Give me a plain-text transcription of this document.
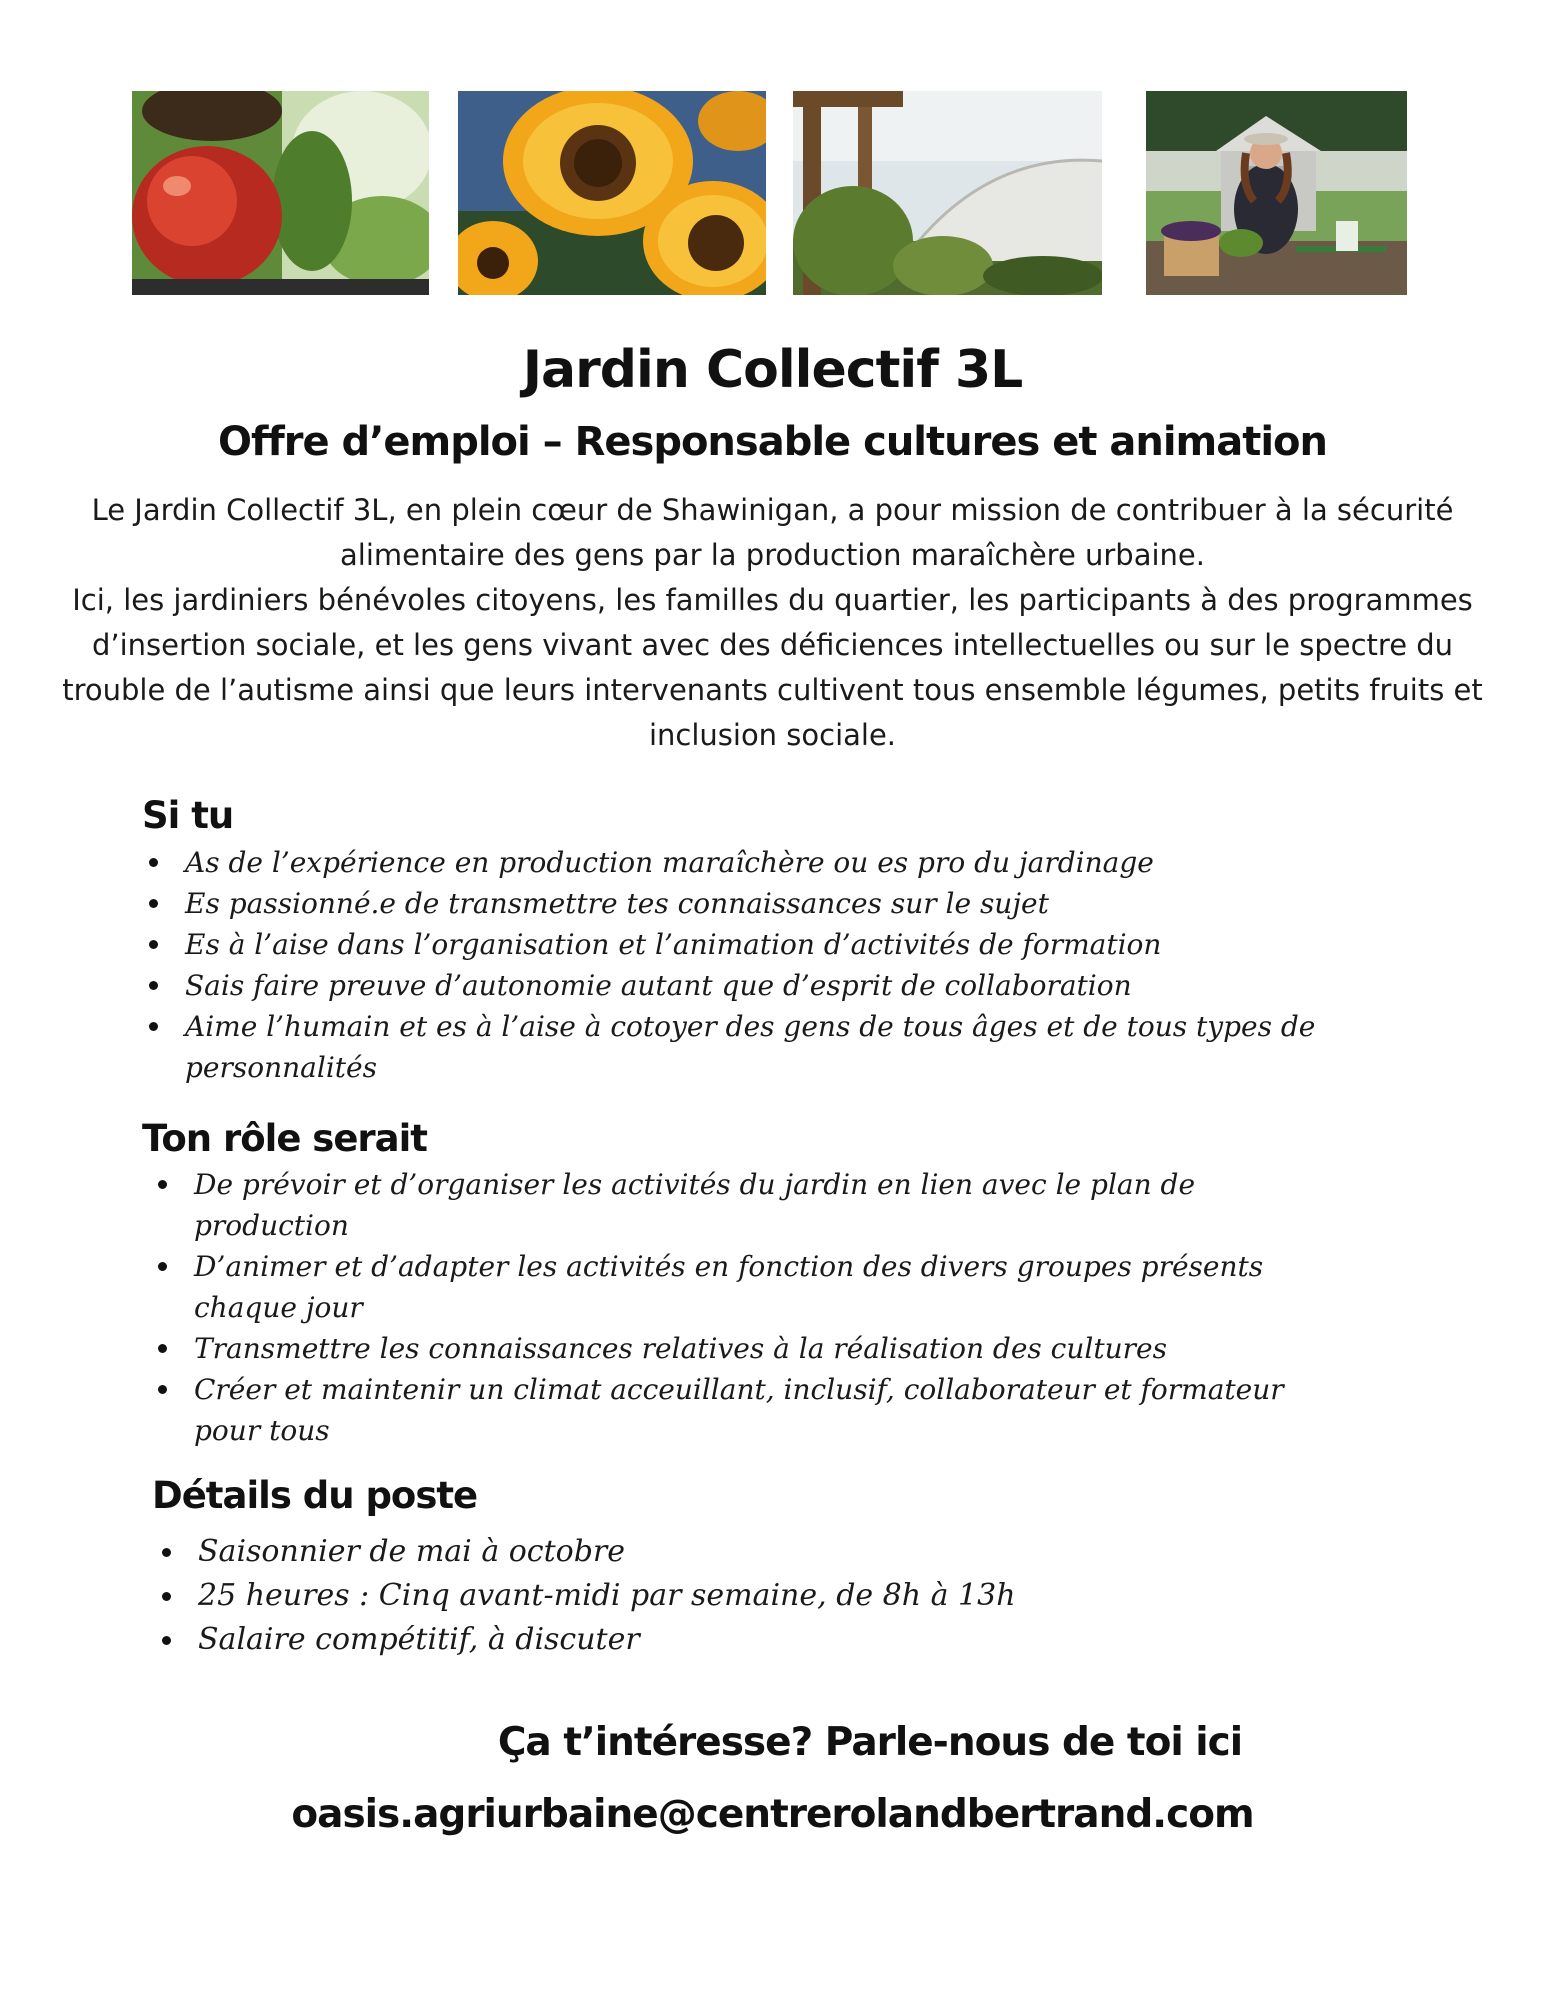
Jardin Collectif 3L
Offre d’emploi – Responsable cultures et animation

Le Jardin Collectif 3L, en plein cœur de Shawinigan, a pour mission de contribuer à la sécurité alimentaire des gens par la production maraîchère urbaine.

Ici, les jardiniers bénévoles citoyens, les familles du quartier, les participants à des programmes d’insertion sociale, et les gens vivant avec des déficiences intellectuelles ou sur le spectre du trouble de l’autisme ainsi que leurs intervenants cultivent tous ensemble légumes, petits fruits et inclusion sociale.

Si tu
As de l’expérience en production maraîchère ou es pro du jardinage
Es passionné.e de transmettre tes connaissances sur le sujet
Es à l’aise dans l’organisation et l’animation d’activités de formation
Sais faire preuve d’autonomie autant que d’esprit de collaboration
Aime l’humain et es à l’aise à cotoyer des gens de tous âges et de tous types de personnalités
Ton rôle serait
De prévoir et d’organiser les activités du jardin en lien avec le plan de production
D’animer et d’adapter les activités en fonction des divers groupes présents chaque jour
Transmettre les connaissances relatives à la réalisation des cultures
Créer et maintenir un climat acceuillant, inclusif, collaborateur et formateur pour tous
Détails du poste
Saisonnier de mai à octobre
25 heures : Cinq avant-midi par semaine, de 8h à 13h
Salaire compétitif, à discuter
Ça t’intéresse? Parle-nous de toi ici
oasis.agriurbaine@centrerolandbertrand.com
